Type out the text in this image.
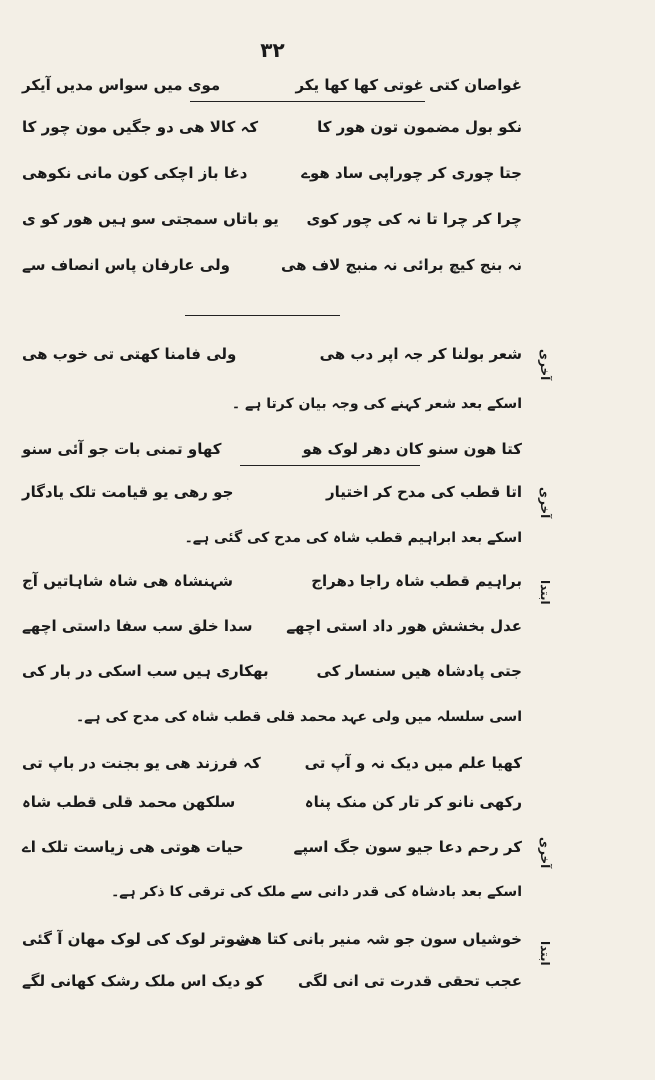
۳۲
غواصان کتی غوتی کھا کھا یکر
موی میں سواس مدیں آیکر
نکو بول مضمون تون ھور کا
کہ کالا ھی دو جگیں مون چور کا
جتا چوری کر چوراپی ساد ھوے
دغا باز اچکی کون مانی نکوھی
چرا کر چرا تا نہ کی چور کوی
یو باتاں سمجتی سو ہیں ھور کو ی
نہ بنج کیچ برائی نہ منبج لاف ھی
ولی عارفان پاس انصاف سے
آخری
شعر بولنا کر جہ اپر دب ھی
ولی فامنا کھتی تی خوب ھی
اسکے بعد شعر کہنے کی وجہ بیان کرتا ہے ۔
کتا ھون سنو کان دھر لوک ھو
کھاو تمنی بات جو آئی سنو
آخری
اتا قطب کی مدح کر اختیار
جو رھی یو قیامت تلک یادگار
اسکے بعد ابراہیم قطب شاہ کی مدح کی گئی ہے۔
ابتدا
براہیم قطب شاہ راجا دھراج
شہنشاہ ھی شاہ شاہاتیں آج
عدل بخشش ھور داد استی اچھے
سدا خلق سب سفا داستی اچھے
جتی پادشاہ ھیں سنسار کی
بھکاری ہیں سب اسکی در بار کی
اسی سلسلہ میں ولی عہد محمد قلی قطب شاہ کی مدح کی ہے۔
کھیا علم میں دیک نہ و آپ تی
کہ فرزند ھی یو بجنت در باپ تی
رکھی نانو کر تار کن منک پناہ
سلکھن محمد قلی قطب شاہ
آخری
کر رحم دعا جیو سون جگ اسپے
حیات ھوتی ھی زیاست تلک اے
اسکے بعد بادشاہ کی قدر دانی سے ملک کی ترقی کا ذکر ہے۔
ابتدا
خوشیاں سون جو شہ منیر بانی کتا ھی
شوتر لوک کی لوک مھان آ گئی
عجب تحقی قدرت تی انی لگی
کو دیک اس ملک رشک کھانی لگے
